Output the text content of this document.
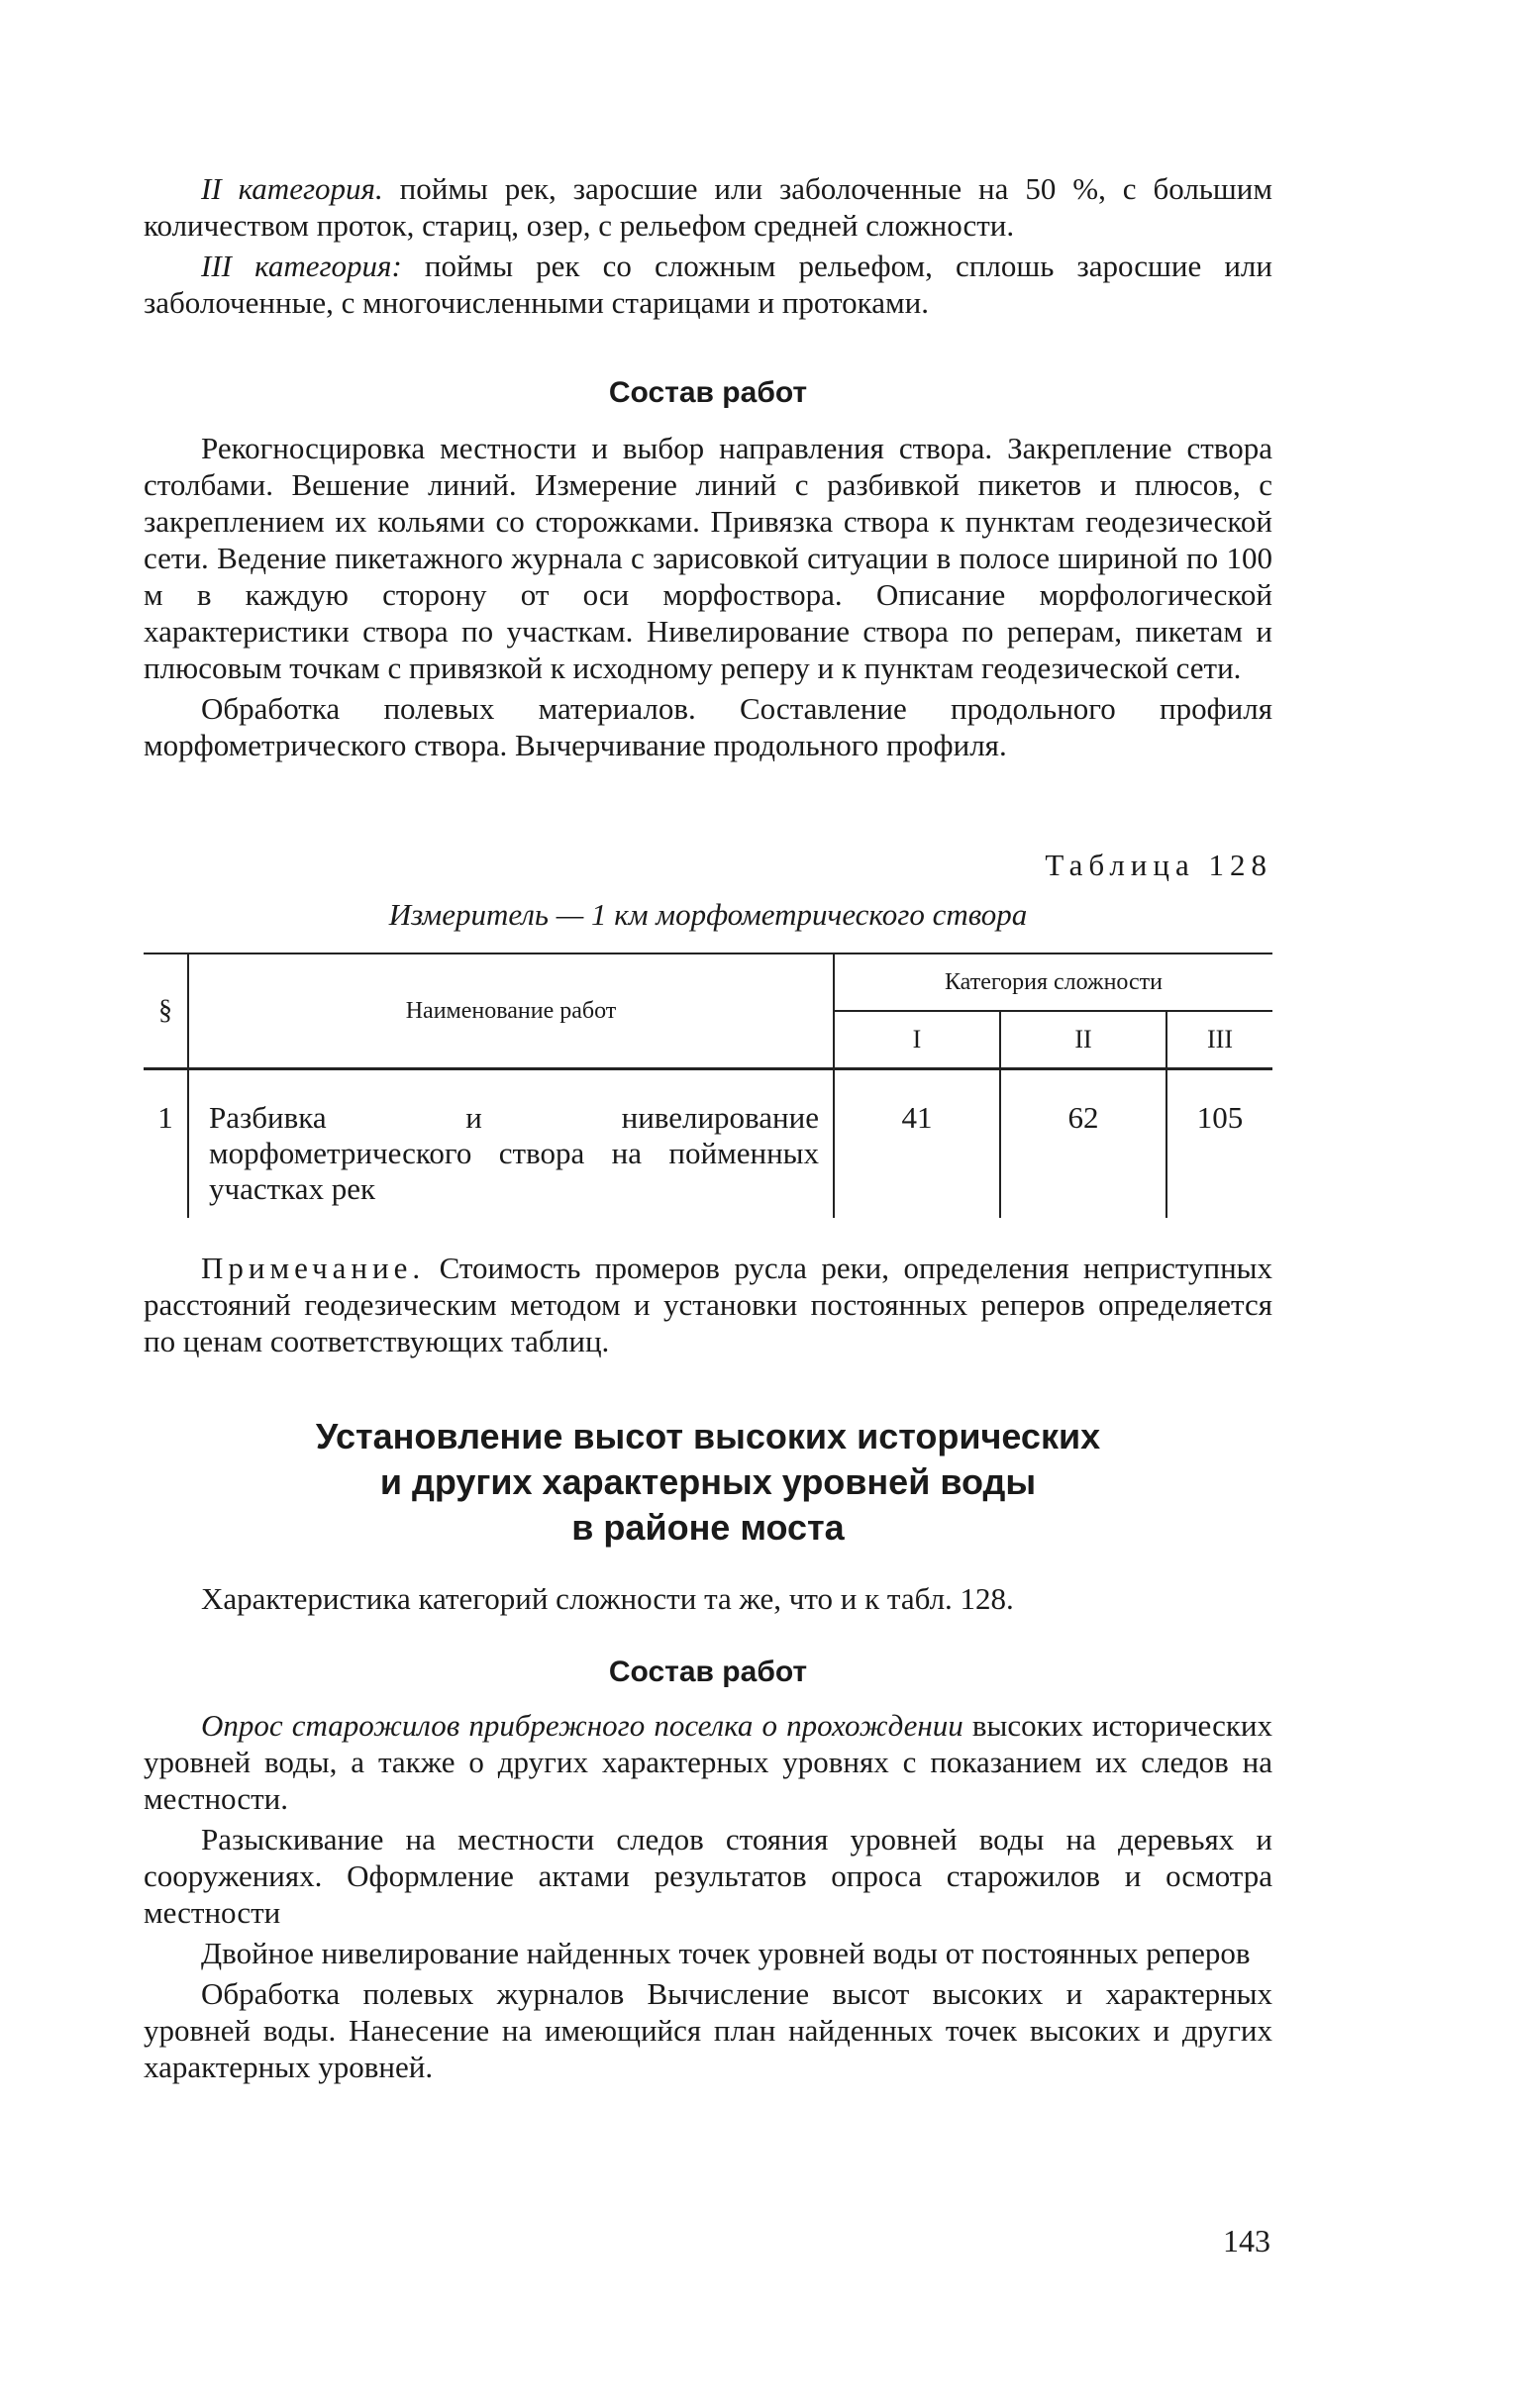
II категория. поймы рек, заросшие или заболоченные на 50 %, с большим количеством проток, стариц, озер, с рельефом средней сложности.

III категория: поймы рек со сложным рельефом, сплошь заросшие или заболоченные, с многочисленными старицами и протоками.

Состав работ

Рекогносцировка местности и выбор направления створа. Закрепление створа столбами. Вешение линий. Измерение линий с разбивкой пикетов и плюсов, с закреплением их кольями со сторожками. Привязка створа к пунктам геодезической сети. Ведение пикетажного журнала с зарисовкой ситуации в полосе шириной по 100 м в каждую сторону от оси морфоствора. Описание морфологической характеристики створа по участкам. Нивелирование створа по реперам, пикетам и плюсовым точкам с привязкой к исходному реперу и к пунктам геодезической сети.

Обработка полевых материалов. Составление продольного профиля морфометрического створа. Вычерчивание продольного профиля.

Таблица 128
Измеритель — 1 км морфометрического створа
§	Наименование работ	Категория сложности		
		I	II	III
1	Разбивка и нивелирование морфометрического створа на пойменных участках рек	41	62	105

Примечание. Стоимость промеров русла реки, определения неприступных расстояний геодезическим методом и установки постоянных реперов определяется по ценам соответствующих таблиц.

Установление высот высоких исторических
и других характерных уровней воды
в районе моста

Характеристика категорий сложности та же, что и к табл. 128.

Состав работ

Опрос старожилов прибрежного поселка о прохождении высоких исторических уровней воды, а также о других характерных уровнях с показанием их следов на местности.

Разыскивание на местности следов стояния уровней воды на деревьях и сооружениях. Оформление актами результатов опроса старожилов и осмотра местности

Двойное нивелирование найденных точек уровней воды от постоянных реперов

Обработка полевых журналов Вычисление высот высоких и характерных уровней воды. Нанесение на имеющийся план найденных точек высоких и других характерных уровней.

143
